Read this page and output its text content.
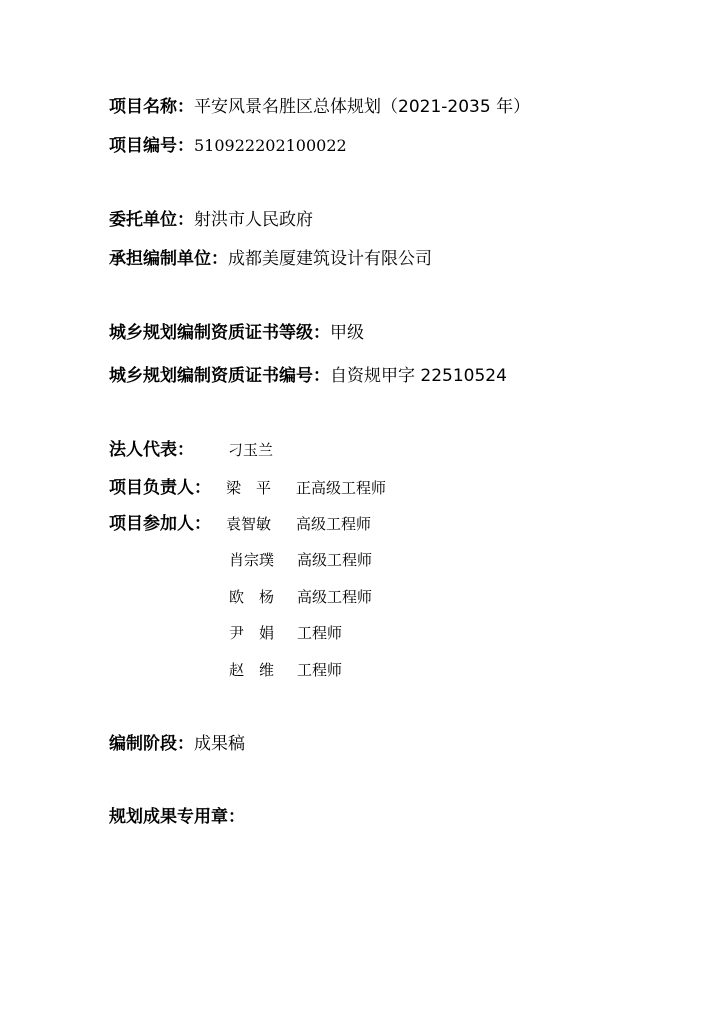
项目名称：平安风景名胜区总体规划（2021-2035 年）
项目编号：510922202100022
委托单位：射洪市人民政府
承担编制单位：成都美厦建筑设计有限公司
城乡规划编制资质证书等级：甲级
城乡规划编制资质证书编号：自资规甲字 22510524
法人代表： 刁玉兰
项目负责人： 梁　平 正高级工程师
项目参加人： 袁智敏 高级工程师
肖宗璞 高级工程师
欧　杨 高级工程师
尹　娟 工程师
赵　维 工程师
编制阶段：成果稿
规划成果专用章：
